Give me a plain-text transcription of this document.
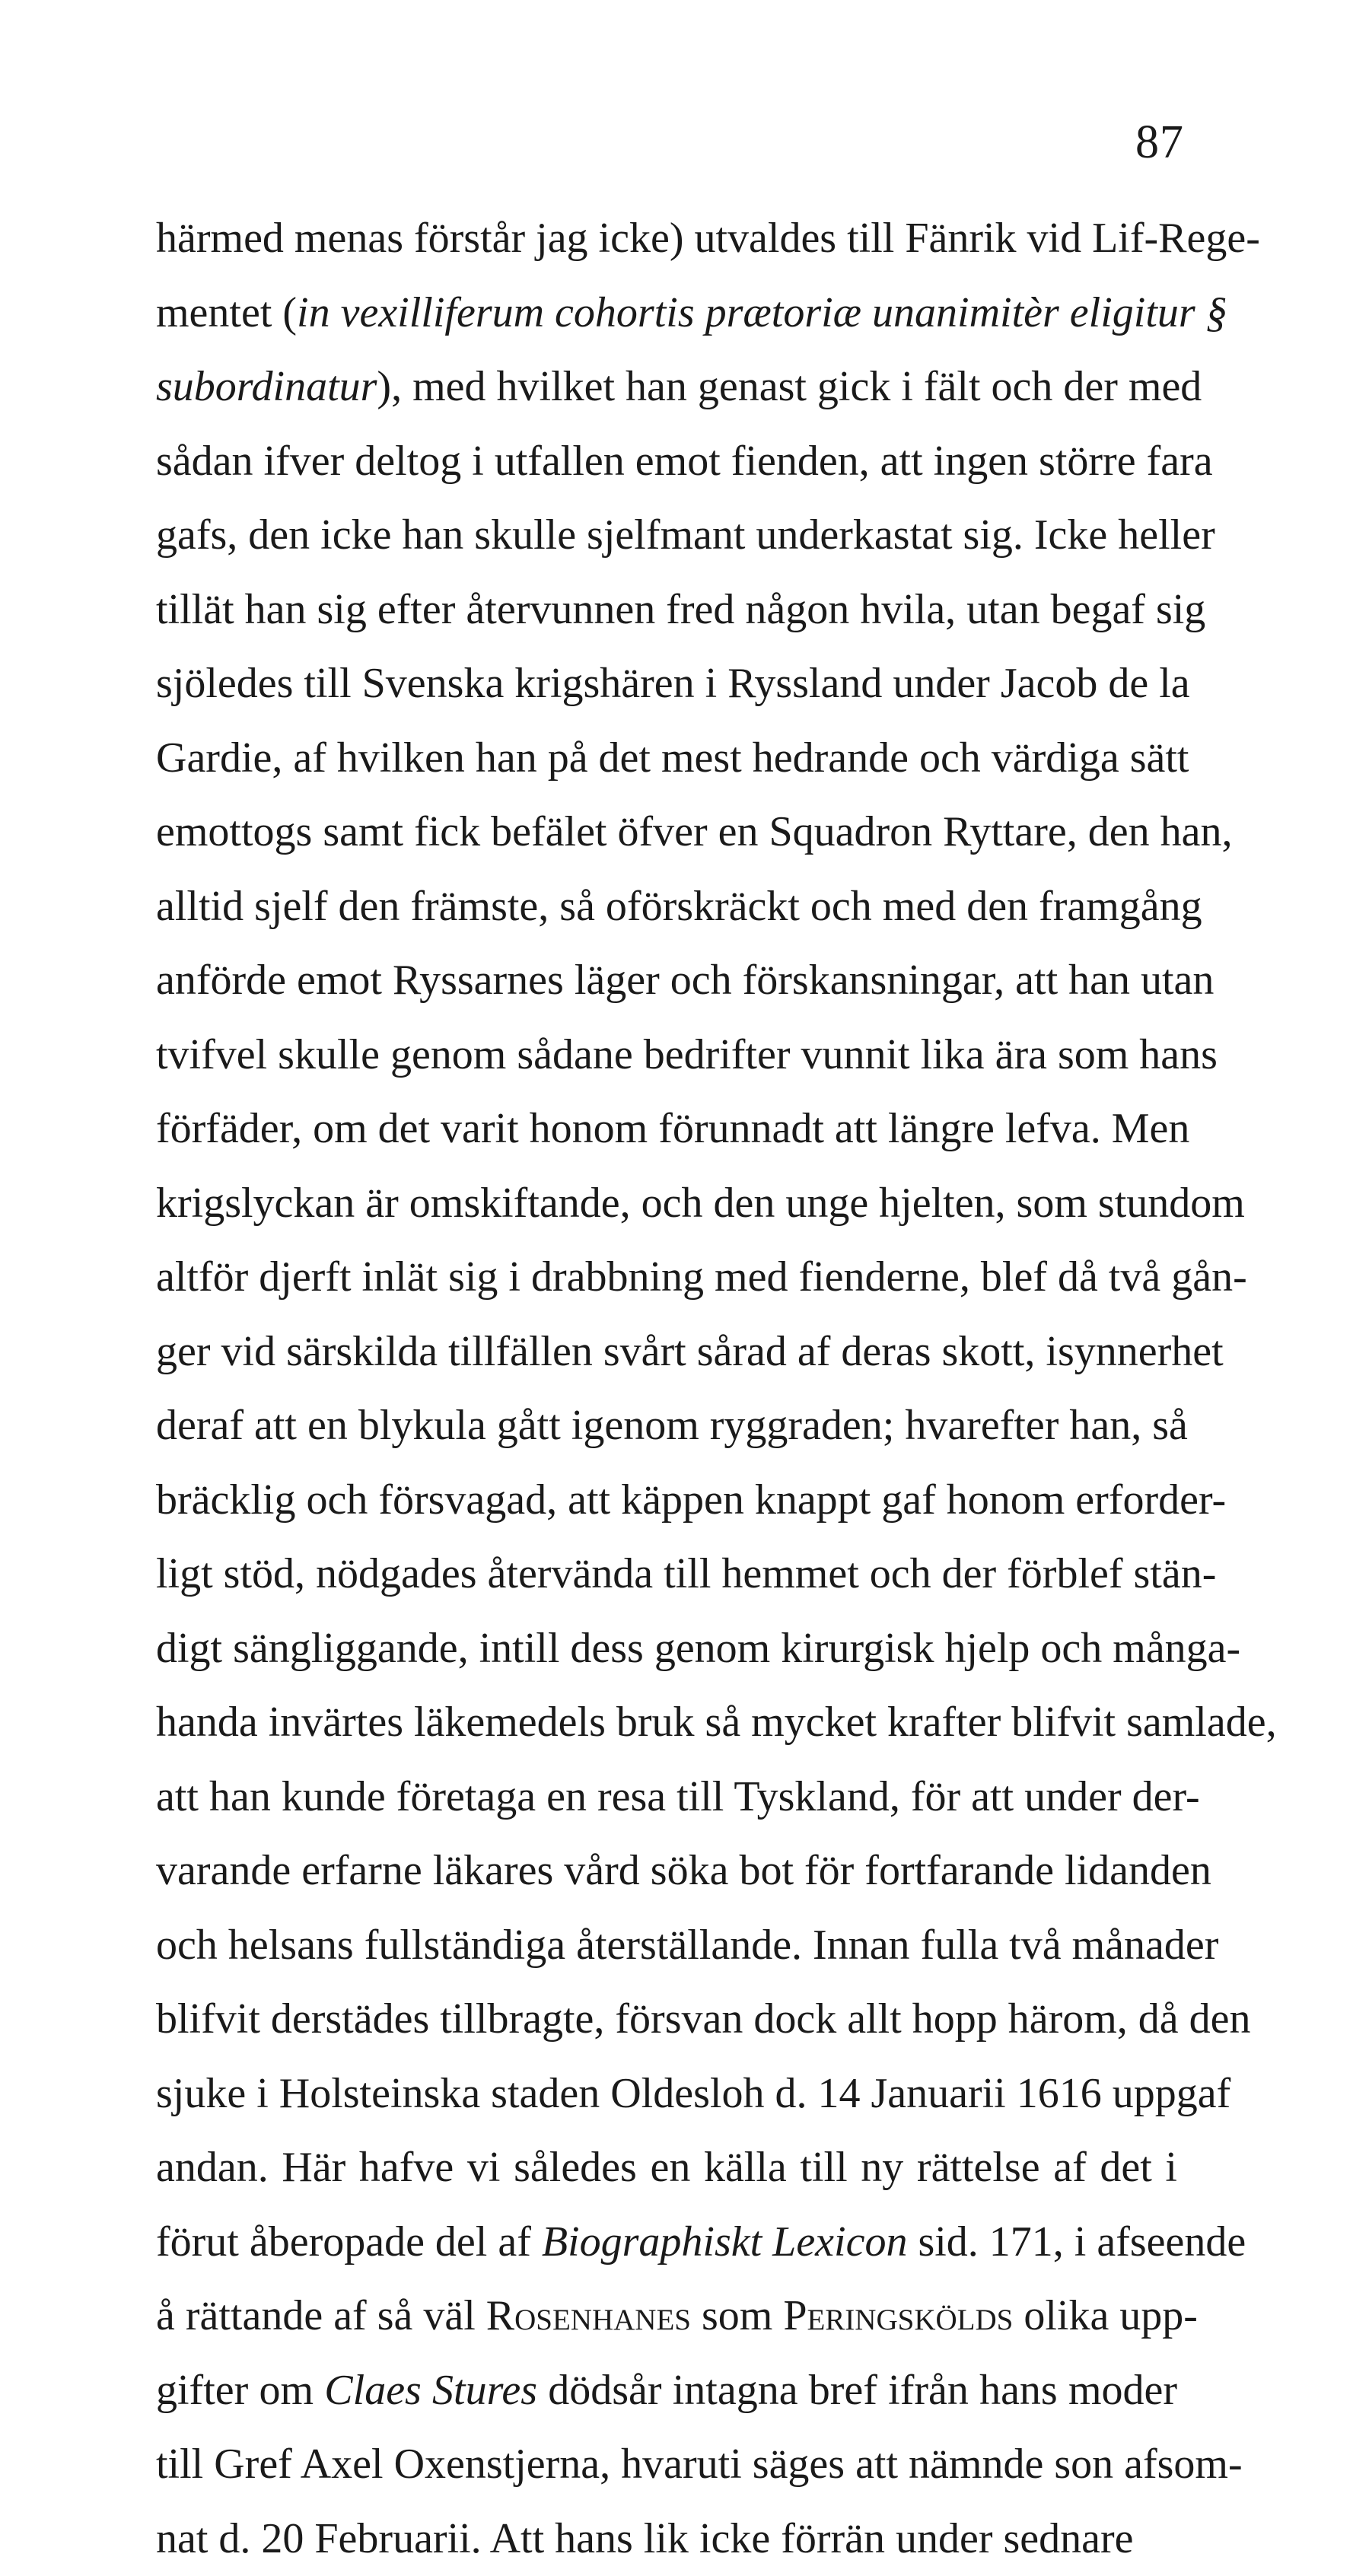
87
härmed menas förstår jag icke) utvaldes till Fänrik vid Lif-Rege-
mentet (in vexilliferum cohortis prætoriæ unanimitèr eligitur §
subordinatur), med hvilket han genast gick i fält och der med
sådan ifver deltog i utfallen emot fienden, att ingen större fara
gafs, den icke han skulle sjelfmant underkastat sig. Icke heller
tillät han sig efter återvunnen fred någon hvila, utan begaf sig
sjöledes till Svenska krigshären i Ryssland under Jacob de la
Gardie, af hvilken han på det mest hedrande och värdiga sätt
emottogs samt fick befälet öfver en Squadron Ryttare, den han,
alltid sjelf den främste, så oförskräckt och med den framgång
anförde emot Ryssarnes läger och förskansningar, att han utan
tvifvel skulle genom sådane bedrifter vunnit lika ära som hans
förfäder, om det varit honom förunnadt att längre lefva. Men
krigslyckan är omskiftande, och den unge hjelten, som stundom
altför djerft inlät sig i drabbning med fienderne, blef då två gån-
ger vid särskilda tillfällen svårt sårad af deras skott, isynnerhet
deraf att en blykula gått igenom ryggraden; hvarefter han, så
bräcklig och försvagad, att käppen knappt gaf honom erforder-
ligt stöd, nödgades återvända till hemmet och der förblef stän-
digt sängliggande, intill dess genom kirurgisk hjelp och många-
handa invärtes läkemedels bruk så mycket krafter blifvit samlade,
att han kunde företaga en resa till Tyskland, för att under der-
varande erfarne läkares vård söka bot för fortfarande lidanden
och helsans fullständiga återställande. Innan fulla två månader
blifvit derstädes tillbragte, försvan dock allt hopp härom, då den
sjuke i Holsteinska staden Oldesloh d. 14 Januarii 1616 uppgaf
andan. Här hafve vi således en källa till ny rättelse af det i
förut åberopade del af Biographiskt Lexicon sid. 171, i afseende
å rättande af så väl Rosenhanes som Peringskölds olika upp-
gifter om Claes Stures dödsår intagna bref ifrån hans moder
till Gref Axel Oxenstjerna, hvaruti säges att nämnde son afsom-
nat d. 20 Februarii. Att hans lik icke förrän under sednare
